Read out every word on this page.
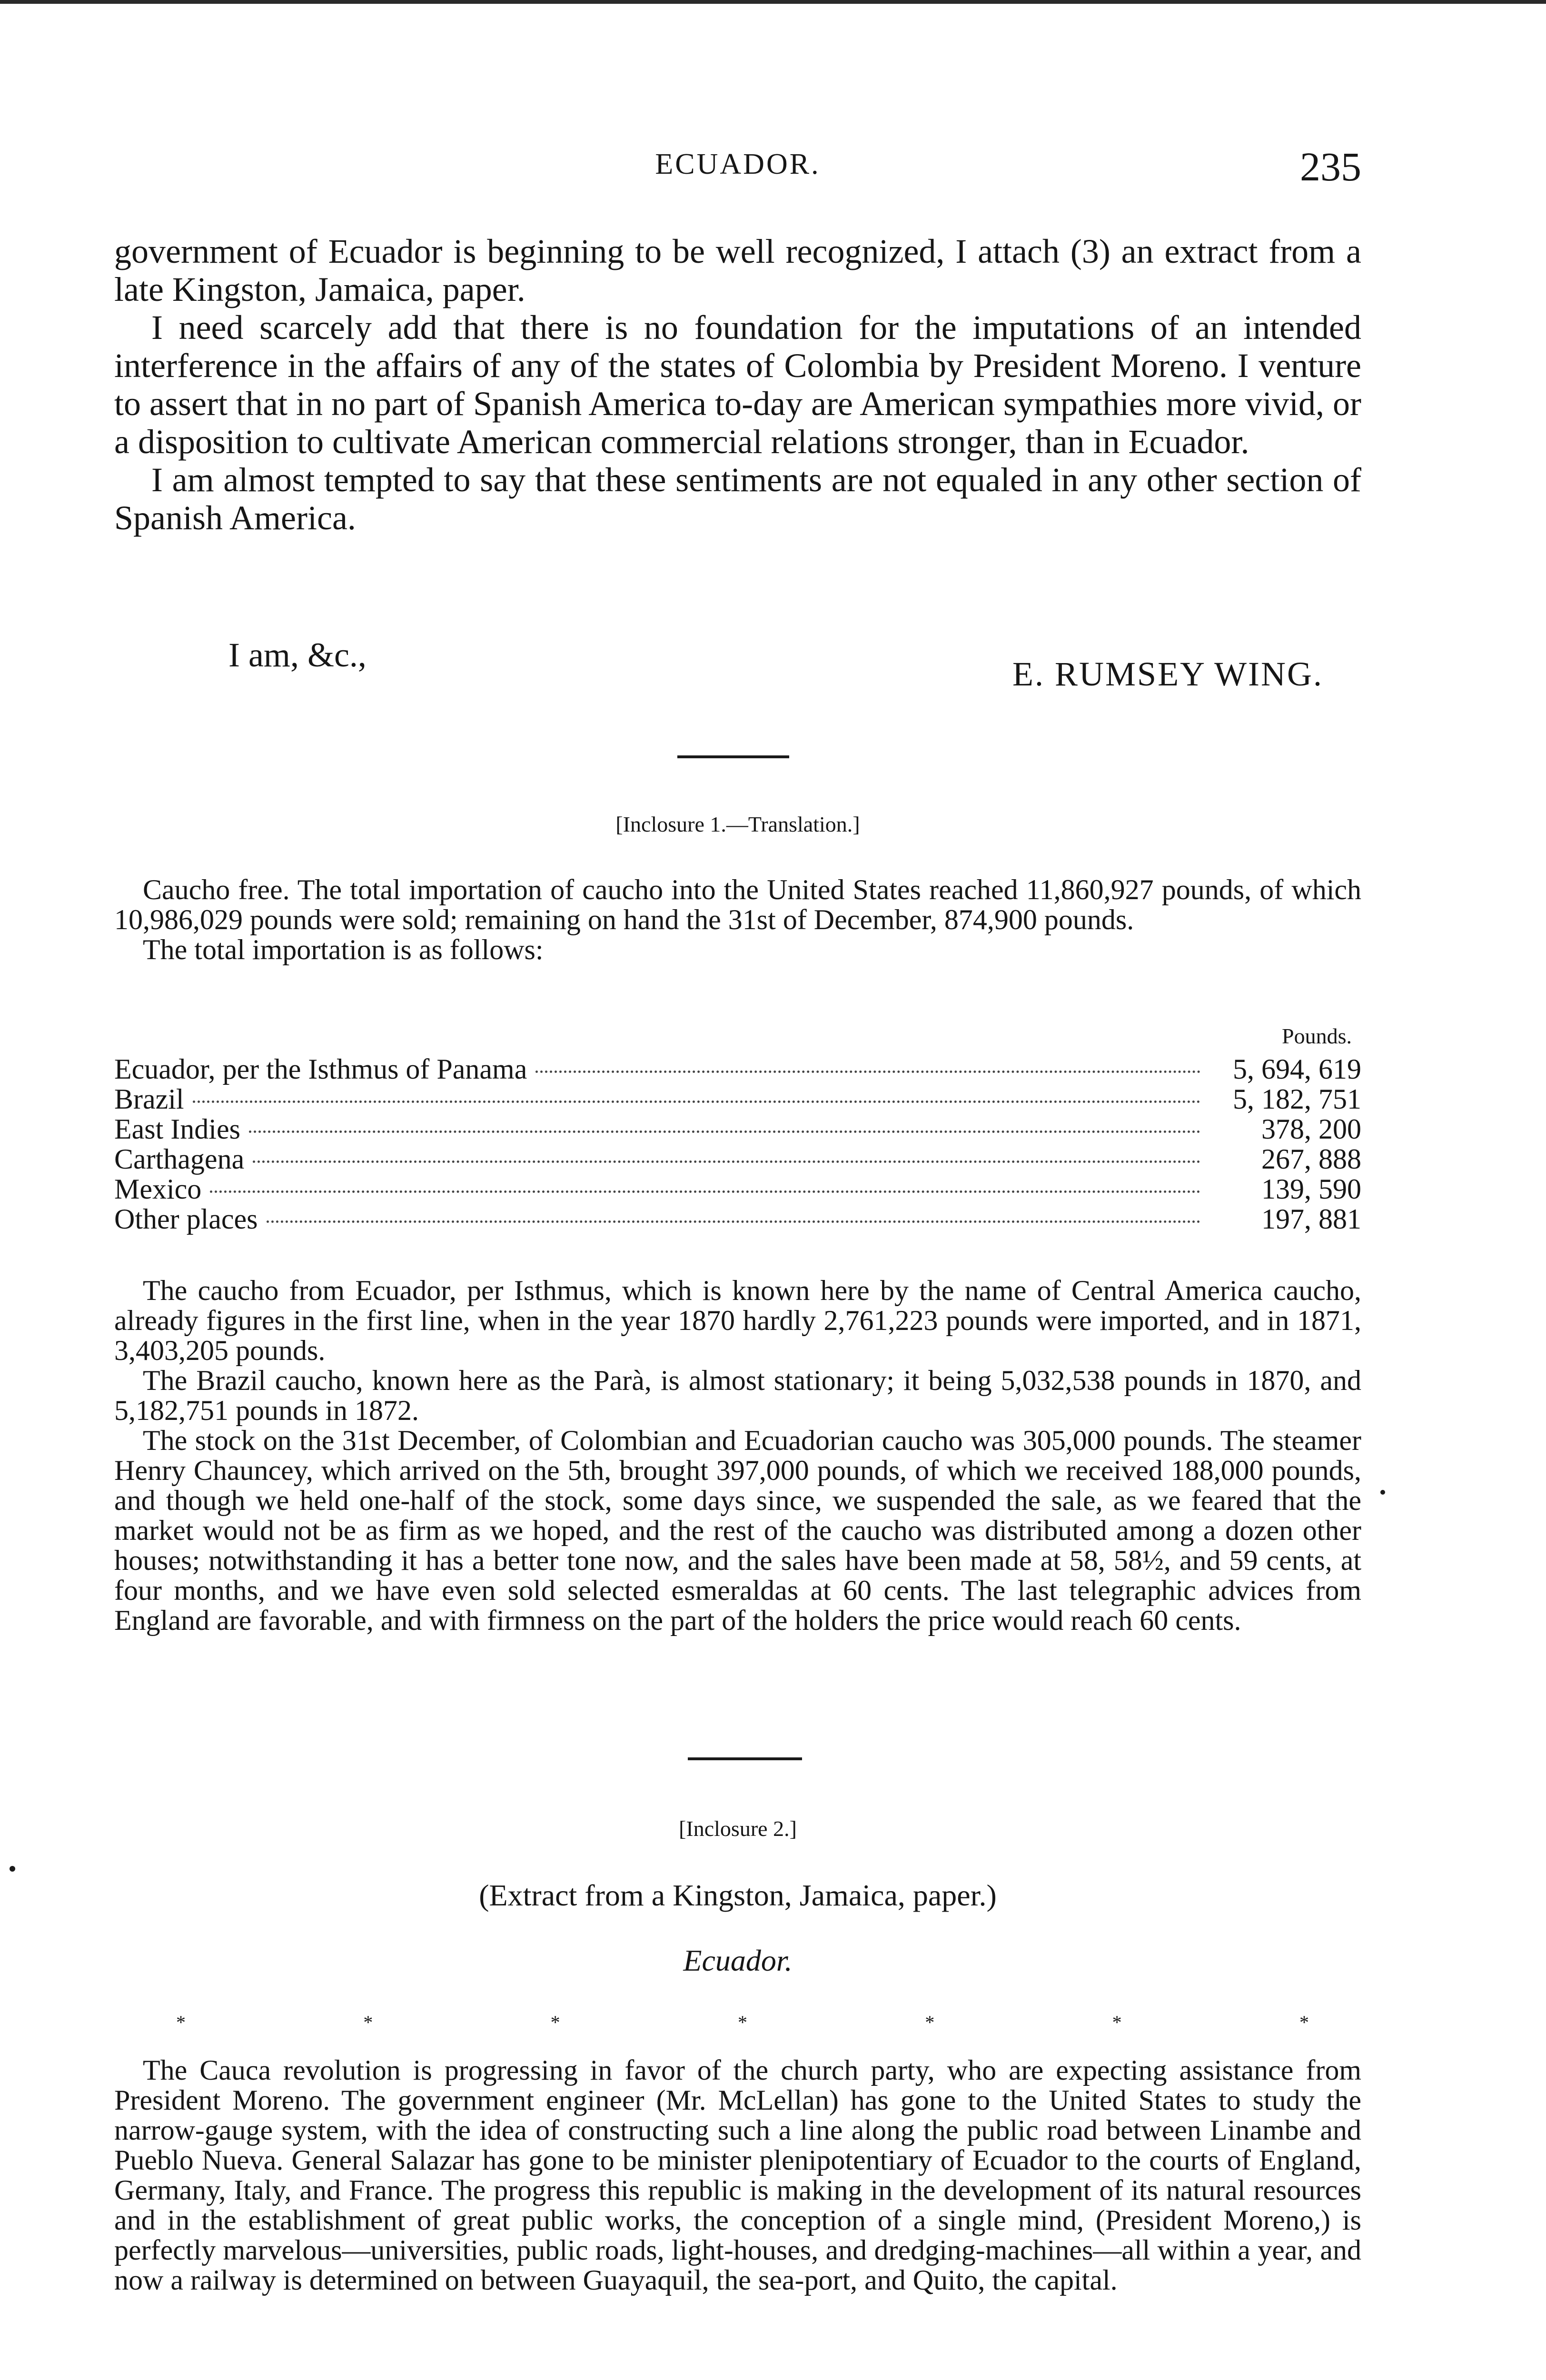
ECUADOR.	235

government of Ecuador is beginning to be well recognized, I attach (3) an extract from a late Kingston, Jamaica, paper.

I need scarcely add that there is no foundation for the imputations of an intended interference in the affairs of any of the states of Colombia by President Moreno. I venture to assert that in no part of Spanish America to-day are American sympathies more vivid, or a disposition to cultivate American commercial relations stronger, than in Ecuador.

I am almost tempted to say that these sentiments are not equaled in any other section of Spanish America.

I am, &c.,	E. RUMSEY WING.
[Inclosure 1.—Translation.]

Caucho free. The total importation of caucho into the United States reached 11,860,927 pounds, of which 10,986,029 pounds were sold; remaining on hand the 31st of December, 874,900 pounds.

The total importation is as follows:

Pounds.
Ecuador, per the Isthmus of Panama	5, 694, 619
Brazil	5, 182, 751
East Indies	378, 200
Carthagena	267, 888
Mexico	139, 590
Other places	197, 881

The caucho from Ecuador, per Isthmus, which is known here by the name of Central America caucho, already figures in the first line, when in the year 1870 hardly 2,761,223 pounds were imported, and in 1871, 3,403,205 pounds.

The Brazil caucho, known here as the Parà, is almost stationary; it being 5,032,538 pounds in 1870, and 5,182,751 pounds in 1872.

The stock on the 31st December, of Colombian and Ecuadorian caucho was 305,000 pounds. The steamer Henry Chauncey, which arrived on the 5th, brought 397,000 pounds, of which we received 188,000 pounds, and though we held one-half of the stock, some days since, we suspended the sale, as we feared that the market would not be as firm as we hoped, and the rest of the caucho was distributed among a dozen other houses; notwithstanding it has a better tone now, and the sales have been made at 58, 58½, and 59 cents, at four months, and we have even sold selected esmeraldas at 60 cents. The last telegraphic advices from England are favorable, and with firmness on the part of the holders the price would reach 60 cents.

[Inclosure 2.]
(Extract from a Kingston, Jamaica, paper.)
Ecuador.
*	*	*	*	*	*	*

The Cauca revolution is progressing in favor of the church party, who are expecting assistance from President Moreno. The government engineer (Mr. McLellan) has gone to the United States to study the narrow-gauge system, with the idea of constructing such a line along the public road between Linambe and Pueblo Nueva. General Salazar has gone to be minister plenipotentiary of Ecuador to the courts of England, Germany, Italy, and France. The progress this republic is making in the development of its natural resources and in the establishment of great public works, the conception of a single mind, (President Moreno,) is perfectly marvelous—universities, public roads, light-houses, and dredging-machines—all within a year, and now a railway is determined on between Guayaquil, the sea-port, and Quito, the capital.
